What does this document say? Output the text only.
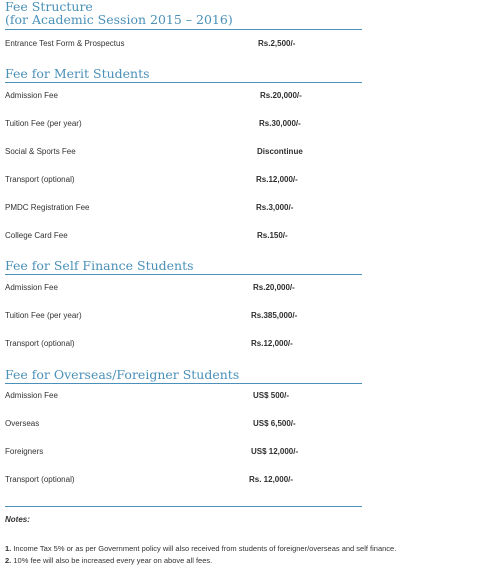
Fee Structure
(for Academic Session 2015 – 2016)
Entrance Test Form & Prospectus	Rs.2,500/-
Fee for Merit Students
Admission Fee	Rs.20,000/-
Tuition Fee (per year)	Rs.30,000/-
Social & Sports Fee	Discontinue
Transport (optional)	Rs.12,000/-
PMDC Registration Fee	Rs.3,000/-
College Card Fee	Rs.150/-
Fee for Self Finance Students
Admission Fee	Rs.20,000/-
Tuition Fee (per year)	Rs.385,000/-
Transport (optional)	Rs.12,000/-
Fee for Overseas/Foreigner Students
Admission Fee	US$ 500/-
Overseas	US$ 6,500/-
Foreigners	US$ 12,000/-
Transport (optional)	Rs. 12,000/-
Notes:
1. Income Tax 5% or as per Government policy will also received from students of foreigner/overseas and self finance.
2. 10% fee will also be increased every year on above all fees.
